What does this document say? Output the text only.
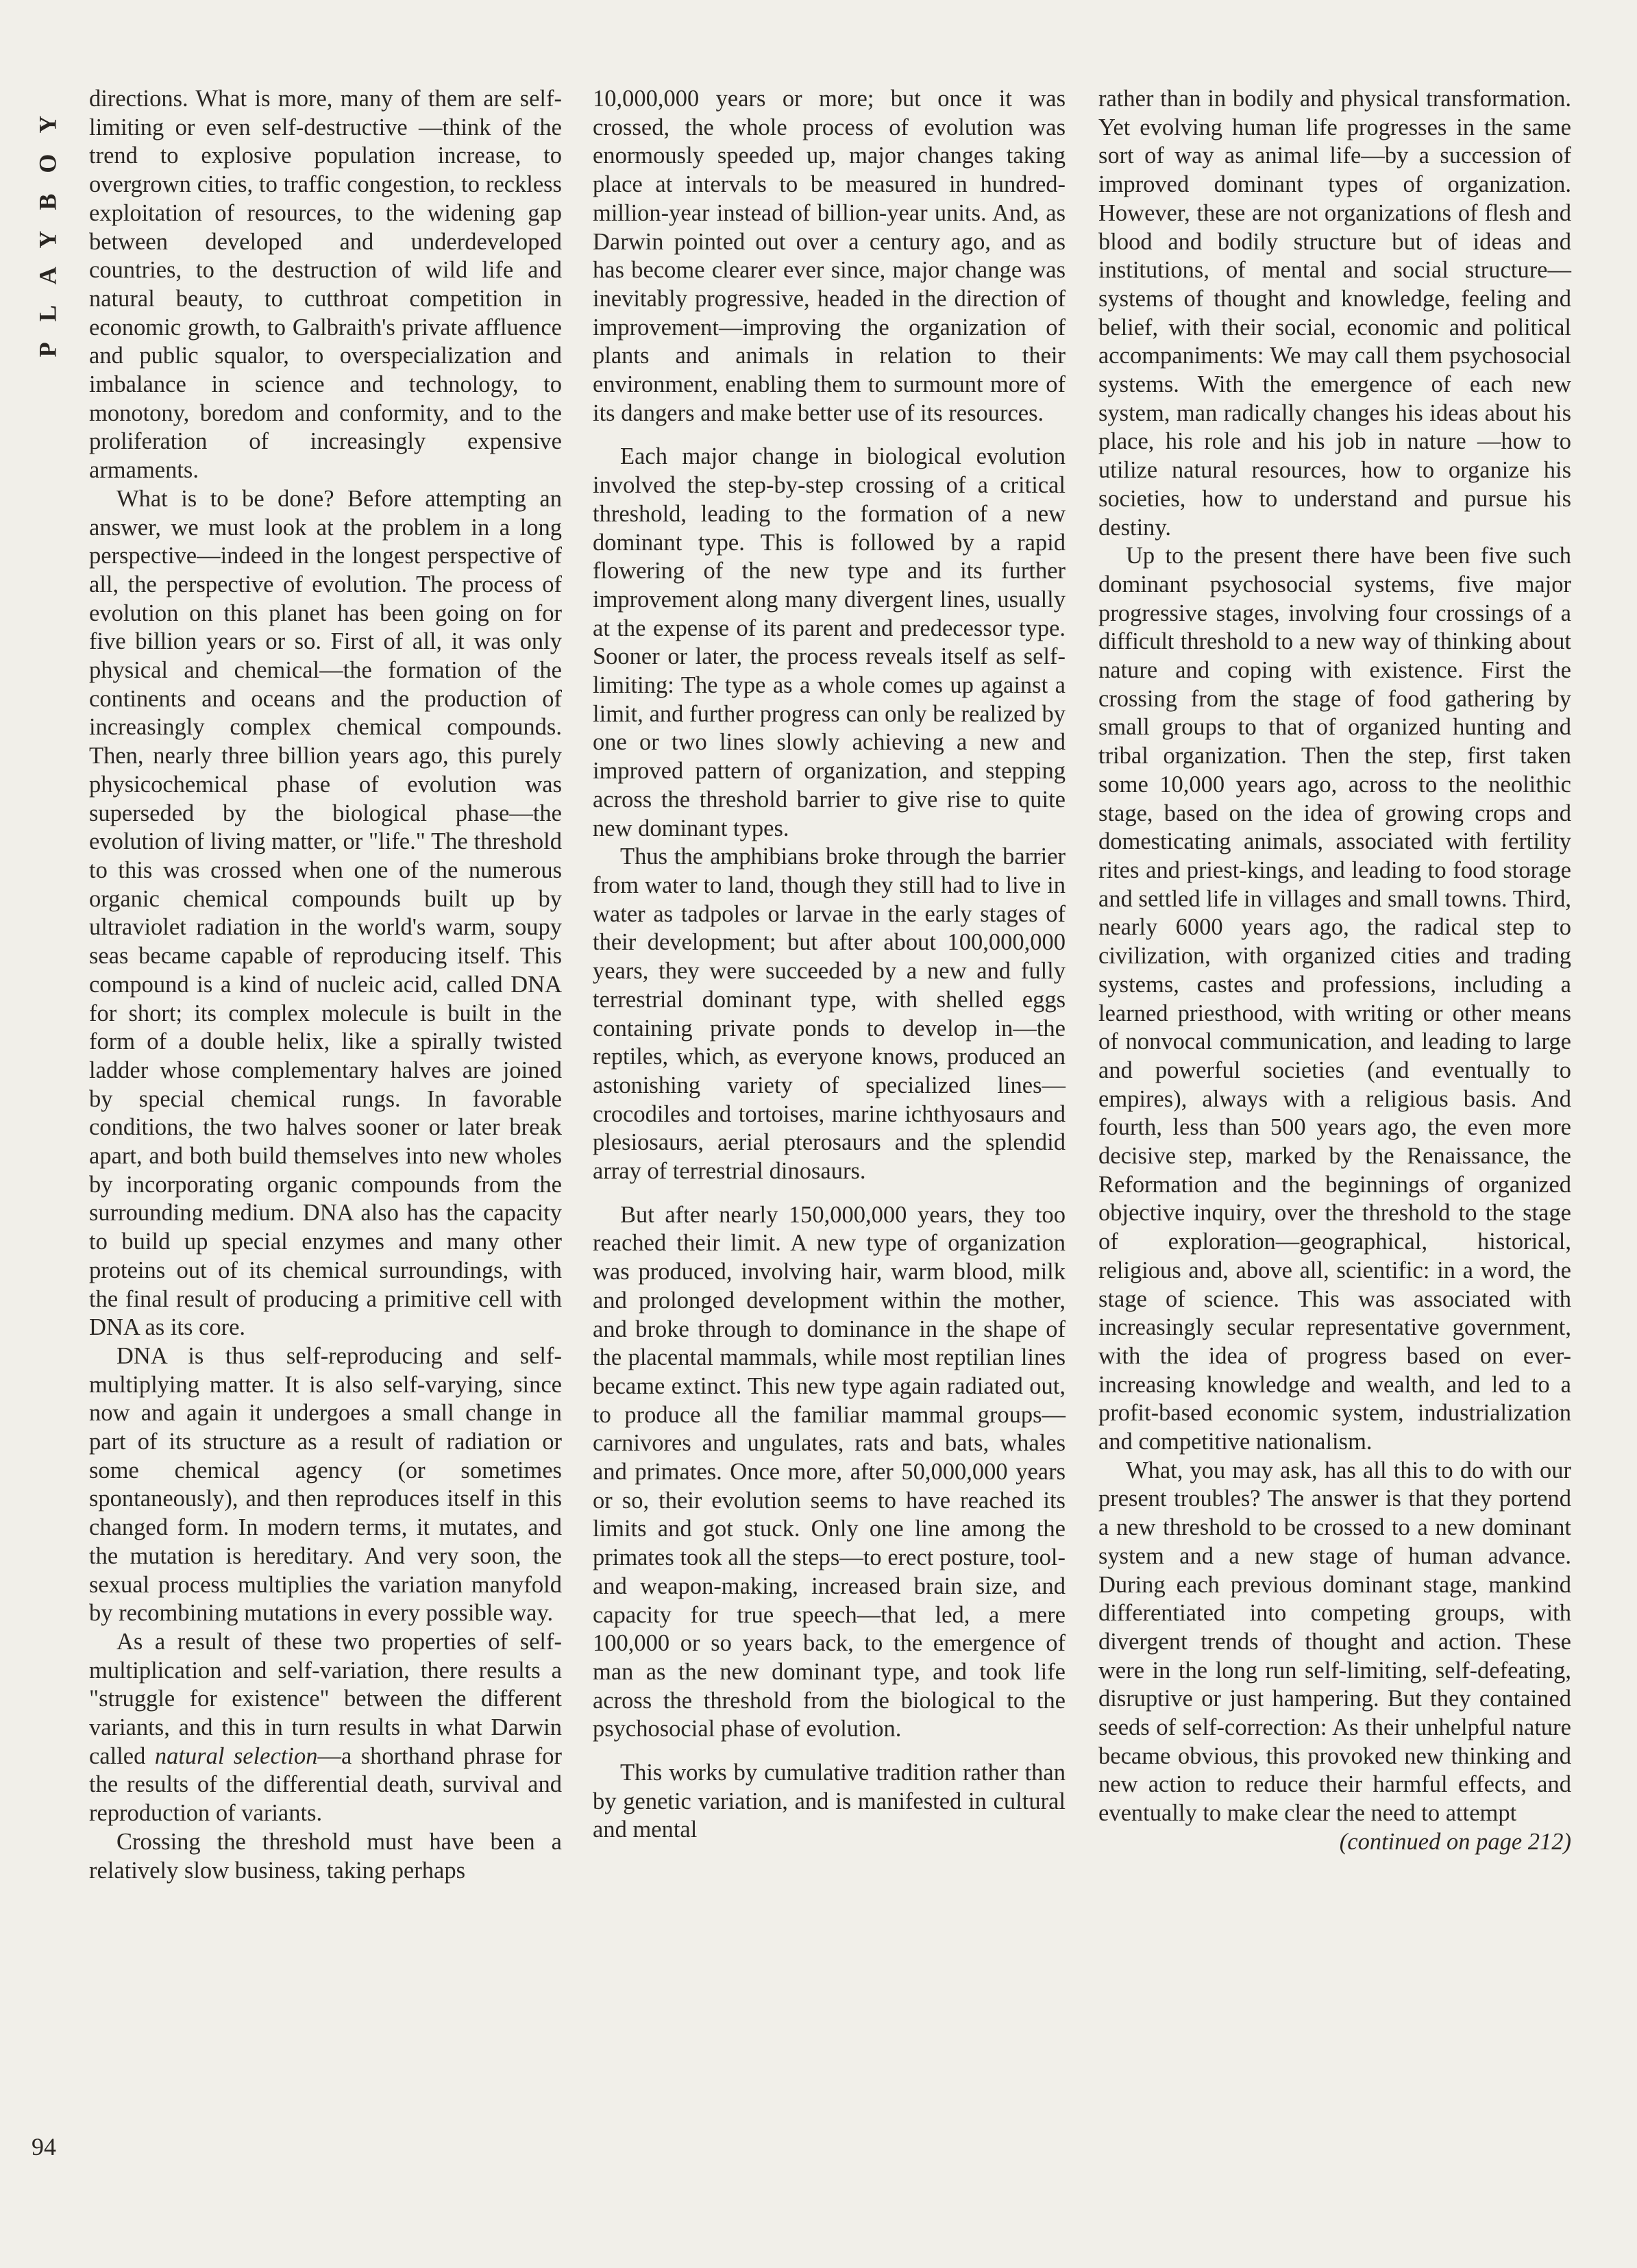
PLAYBOY directions. What is more, many of them are self-limiting or even self-destructive —think of the trend to explosive population increase, to overgrown cities, to traffic congestion, to reckless exploitation of resources, to the widening gap between developed and underdeveloped countries, to the destruction of wild life and natural beauty, to cutthroat competition in economic growth, to Galbraith's private affluence and public squalor, to overspecialization and imbalance in science and technology, to monotony, boredom and conformity, and to the proliferation of increasingly expensive armaments.

What is to be done? Before attempting an answer, we must look at the problem in a long perspective—indeed in the longest perspective of all, the perspective of evolution. The process of evolution on this planet has been going on for five billion years or so. First of all, it was only physical and chemical—the formation of the continents and oceans and the production of increasingly complex chemical compounds. Then, nearly three billion years ago, this purely physicochemical phase of evolution was superseded by the biological phase—the evolution of living matter, or "life." The threshold to this was crossed when one of the numerous organic chemical compounds built up by ultraviolet radiation in the world's warm, soupy seas became capable of reproducing itself. This compound is a kind of nucleic acid, called DNA for short; its complex molecule is built in the form of a double helix, like a spirally twisted ladder whose complementary halves are joined by special chemical rungs. In favorable conditions, the two halves sooner or later break apart, and both build themselves into new wholes by incorporating organic compounds from the surrounding medium. DNA also has the capacity to build up special enzymes and many other proteins out of its chemical surroundings, with the final result of producing a primitive cell with DNA as its core.

DNA is thus self-reproducing and self-multiplying matter. It is also self-varying, since now and again it undergoes a small change in part of its structure as a result of radiation or some chemical agency (or sometimes spontaneously), and then reproduces itself in this changed form. In modern terms, it mutates, and the mutation is hereditary. And very soon, the sexual process multiplies the variation manyfold by recombining mutations in every possible way.

As a result of these two properties of self-multiplication and self-variation, there results a "struggle for existence" between the different variants, and this in turn results in what Darwin called natural selection—a shorthand phrase for the results of the differential death, survival and reproduction of variants.

Crossing the threshold must have been a relatively slow business, taking perhaps

10,000,000 years or more; but once it was crossed, the whole process of evolution was enormously speeded up, major changes taking place at intervals to be measured in hundred-million-year instead of billion-year units. And, as Darwin pointed out over a century ago, and as has become clearer ever since, major change was inevitably progressive, headed in the direction of improvement—improving the organization of plants and animals in relation to their environment, enabling them to surmount more of its dangers and make better use of its resources.

Each major change in biological evolution involved the step-by-step crossing of a critical threshold, leading to the formation of a new dominant type. This is followed by a rapid flowering of the new type and its further improvement along many divergent lines, usually at the expense of its parent and predecessor type. Sooner or later, the process reveals itself as self-limiting: The type as a whole comes up against a limit, and further progress can only be realized by one or two lines slowly achieving a new and improved pattern of organization, and stepping across the threshold barrier to give rise to quite new dominant types.

Thus the amphibians broke through the barrier from water to land, though they still had to live in water as tadpoles or larvae in the early stages of their development; but after about 100,000,000 years, they were succeeded by a new and fully terrestrial dominant type, with shelled eggs containing private ponds to develop in—the reptiles, which, as everyone knows, produced an astonishing variety of specialized lines—crocodiles and tortoises, marine ichthyosaurs and plesiosaurs, aerial pterosaurs and the splendid array of terrestrial dinosaurs.

But after nearly 150,000,000 years, they too reached their limit. A new type of organization was produced, involving hair, warm blood, milk and prolonged development within the mother, and broke through to dominance in the shape of the placental mammals, while most reptilian lines became extinct. This new type again radiated out, to produce all the familiar mammal groups—carnivores and ungulates, rats and bats, whales and primates. Once more, after 50,000,000 years or so, their evolution seems to have reached its limits and got stuck. Only one line among the primates took all the steps—to erect posture, tool- and weapon-making, increased brain size, and capacity for true speech—that led, a mere 100,000 or so years back, to the emergence of man as the new dominant type, and took life across the threshold from the biological to the psychosocial phase of evolution.

This works by cumulative tradition rather than by genetic variation, and is manifested in cultural and mental

rather than in bodily and physical transformation. Yet evolving human life progresses in the same sort of way as animal life—by a succession of improved dominant types of organization. However, these are not organizations of flesh and blood and bodily structure but of ideas and institutions, of mental and social structure—systems of thought and knowledge, feeling and belief, with their social, economic and political accompaniments: We may call them psychosocial systems. With the emergence of each new system, man radically changes his ideas about his place, his role and his job in nature —how to utilize natural resources, how to organize his societies, how to understand and pursue his destiny.

Up to the present there have been five such dominant psychosocial systems, five major progressive stages, involving four crossings of a difficult threshold to a new way of thinking about nature and coping with existence. First the crossing from the stage of food gathering by small groups to that of organized hunting and tribal organization. Then the step, first taken some 10,000 years ago, across to the neolithic stage, based on the idea of growing crops and domesticating animals, associated with fertility rites and priest-kings, and leading to food storage and settled life in villages and small towns. Third, nearly 6000 years ago, the radical step to civilization, with organized cities and trading systems, castes and professions, including a learned priesthood, with writing or other means of nonvocal communication, and leading to large and powerful societies (and eventually to empires), always with a religious basis. And fourth, less than 500 years ago, the even more decisive step, marked by the Renaissance, the Reformation and the beginnings of organized objective inquiry, over the threshold to the stage of exploration—geographical, historical, religious and, above all, scientific: in a word, the stage of science. This was associated with increasingly secular representative government, with the idea of progress based on ever-increasing knowledge and wealth, and led to a profit-based economic system, industrialization and competitive nationalism.

What, you may ask, has all this to do with our present troubles? The answer is that they portend a new threshold to be crossed to a new dominant system and a new stage of human advance. During each previous dominant stage, mankind differentiated into competing groups, with divergent trends of thought and action. These were in the long run self-limiting, self-defeating, disruptive or just hampering. But they contained seeds of self-correction: As their unhelpful nature became obvious, this provoked new thinking and new action to reduce their harmful effects, and eventually to make clear the need to attempt

(continued on page 212)

94
